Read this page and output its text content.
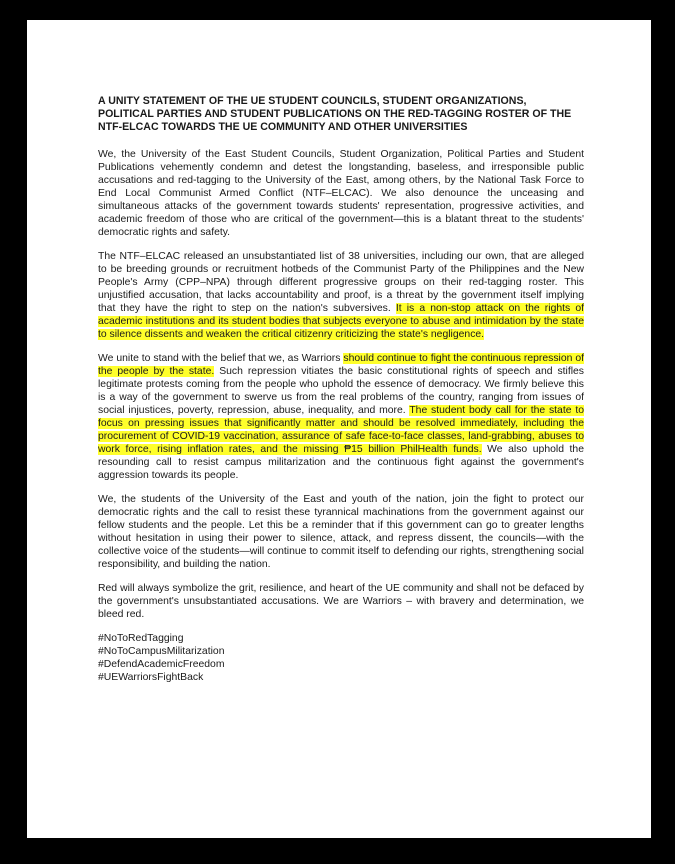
A UNITY STATEMENT OF THE UE STUDENT COUNCILS, STUDENT ORGANIZATIONS, POLITICAL PARTIES AND STUDENT PUBLICATIONS ON THE RED-TAGGING ROSTER OF THE NTF-ELCAC TOWARDS THE UE COMMUNITY AND OTHER UNIVERSITIES

We, the University of the East Student Councils, Student Organization, Political Parties and Student Publications vehemently condemn and detest the longstanding, baseless, and irresponsible public accusations and red-tagging to the University of the East, among others, by the National Task Force to End Local Communist Armed Conflict (NTF–ELCAC). We also denounce the unceasing and simultaneous attacks of the government towards students' representation, progressive activities, and academic freedom of those who are critical of the government—this is a blatant threat to the students' democratic rights and safety.

The NTF–ELCAC released an unsubstantiated list of 38 universities, including our own, that are alleged to be breeding grounds or recruitment hotbeds of the Communist Party of the Philippines and the New People's Army (CPP–NPA) through different progressive groups on their red-tagging roster. This unjustified accusation, that lacks accountability and proof, is a threat by the government itself implying that they have the right to step on the nation's subversives. It is a non-stop attack on the rights of academic institutions and its student bodies that subjects everyone to abuse and intimidation by the state to silence dissents and weaken the critical citizenry criticizing the state's negligence.

We unite to stand with the belief that we, as Warriors should continue to fight the continuous repression of the people by the state. Such repression vitiates the basic constitutional rights of speech and stifles legitimate protests coming from the people who uphold the essence of democracy. We firmly believe this is a way of the government to swerve us from the real problems of the country, ranging from issues of social injustices, poverty, repression, abuse, inequality, and more. The student body call for the state to focus on pressing issues that significantly matter and should be resolved immediately, including the procurement of COVID-19 vaccination, assurance of safe face-to-face classes, land-grabbing, abuses to work force, rising inflation rates, and the missing ₱15 billion PhilHealth funds. We also uphold the resounding call to resist campus militarization and the continuous fight against the government's aggression towards its people.

We, the students of the University of the East and youth of the nation, join the fight to protect our democratic rights and the call to resist these tyrannical machinations from the government against our fellow students and the people. Let this be a reminder that if this government can go to greater lengths without hesitation in using their power to silence, attack, and repress dissent, the councils—with the collective voice of the students—will continue to commit itself to defending our rights, strengthening social responsibility, and building the nation.

Red will always symbolize the grit, resilience, and heart of the UE community and shall not be defaced by the government's unsubstantiated accusations. We are Warriors – with bravery and determination, we bleed red.

#NoToRedTagging
#NoToCampusMilitarization
#DefendAcademicFreedom
#UEWarriorsFightBack
